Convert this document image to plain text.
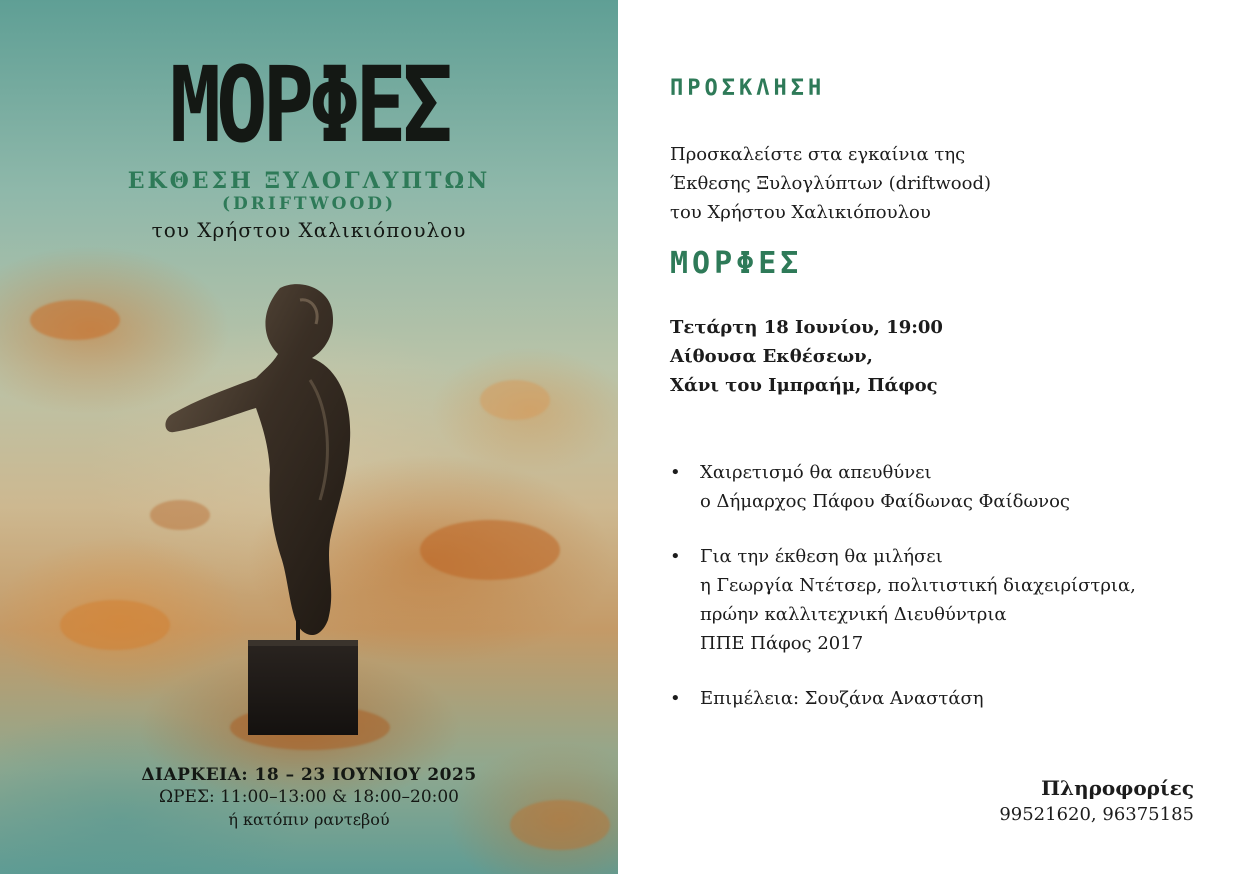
ΜΟΡΦΕΣ
ΕΚΘΕΣΗ ΞΥΛΟΓΛΥΠΤΩΝ
(DRIFTWOOD)
του Χρήστου Χαλικιόπουλου
ΔΙΑΡΚΕΙΑ: 18 – 23 ΙΟΥΝΙΟΥ 2025
ΩΡΕΣ: 11:00–13:00 & 18:00–20:00
ή κατόπιν ραντεβού
ΠΡΟΣΚΛΗΣΗ
Προσκαλείστε στα εγκαίνια της
Έκθεσης Ξυλογλύπτων (driftwood)
του Χρήστου Χαλικιόπουλου
ΜΟΡΦΕΣ
Τετάρτη 18 Ιουνίου, 19:00
Αίθουσα Εκθέσεων,
Χάνι του Ιμπραήμ, Πάφος
• Χαιρετισμό θα απευθύνει
ο Δήμαρχος Πάφου Φαίδωνας Φαίδωνος
• Για την έκθεση θα μιλήσει
η Γεωργία Ντέτσερ, πολιτιστική διαχειρίστρια,
πρώην καλλιτεχνική Διευθύντρια
ΠΠΕ Πάφος 2017
• Επιμέλεια: Σουζάνα Αναστάση
Πληροφορίες
99521620, 96375185
